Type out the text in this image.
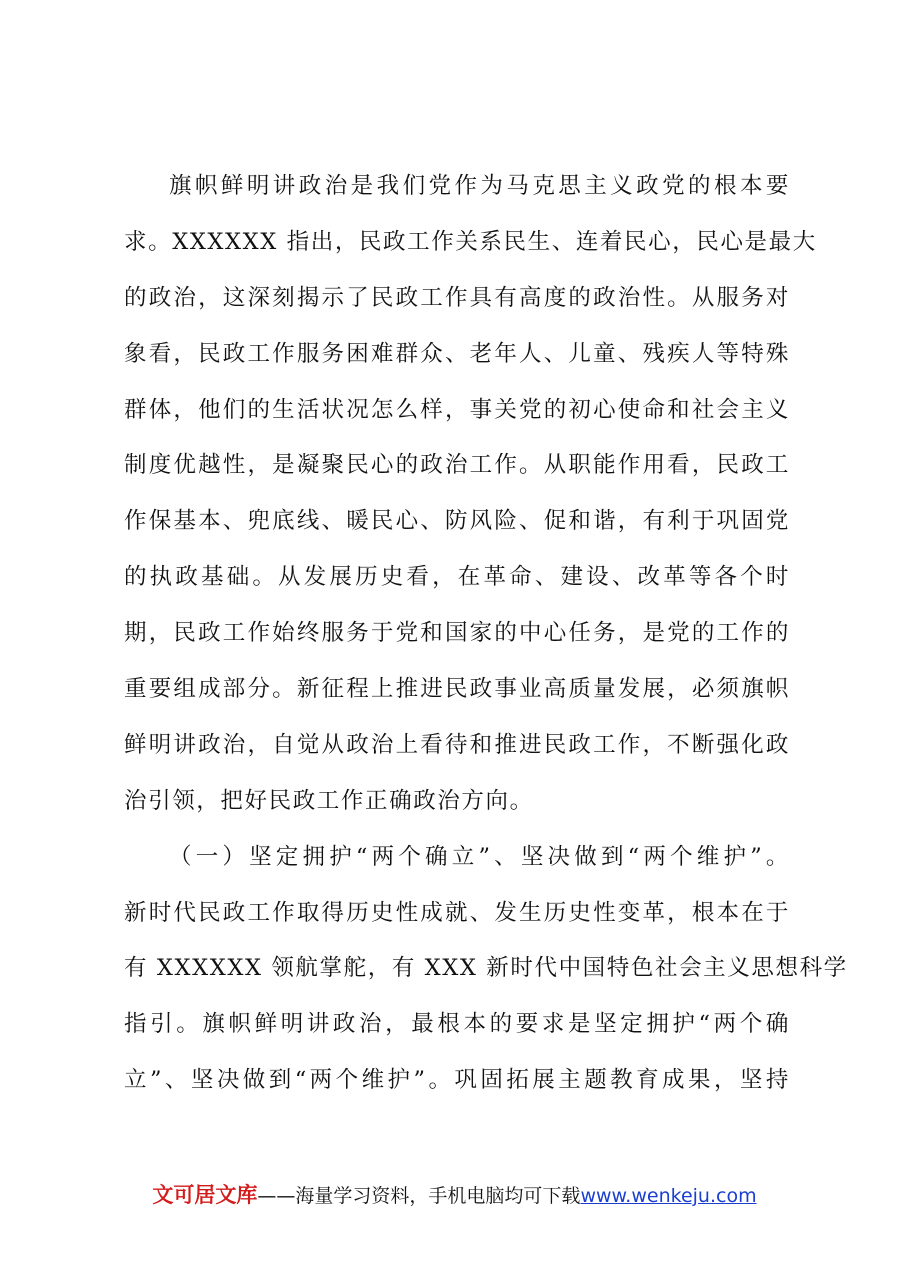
旗帜鲜明讲政治是我们党作为马克思主义政党的根本要
求。XXXXXX 指出，民政工作关系民生、连着民心，民心是最大
的政治，这深刻揭示了民政工作具有高度的政治性。从服务对
象看，民政工作服务困难群众、老年人、儿童、残疾人等特殊
群体，他们的生活状况怎么样，事关党的初心使命和社会主义
制度优越性，是凝聚民心的政治工作。从职能作用看，民政工
作保基本、兜底线、暖民心、防风险、促和谐，有利于巩固党
的执政基础。从发展历史看，在革命、建设、改革等各个时
期，民政工作始终服务于党和国家的中心任务，是党的工作的
重要组成部分。新征程上推进民政事业高质量发展，必须旗帜
鲜明讲政治，自觉从政治上看待和推进民政工作，不断强化政
治引领，把好民政工作正确政治方向。
（一）坚定拥护“两个确立”、坚决做到“两个维护”。
新时代民政工作取得历史性成就、发生历史性变革，根本在于
有 XXXXXX 领航掌舵，有 XXX 新时代中国特色社会主义思想科学
指引。旗帜鲜明讲政治，最根本的要求是坚定拥护“两个确
立”、坚决做到“两个维护”。巩固拓展主题教育成果，坚持
文可居文库——海量学习资料，手机电脑均可下载www.wenkeju.com
